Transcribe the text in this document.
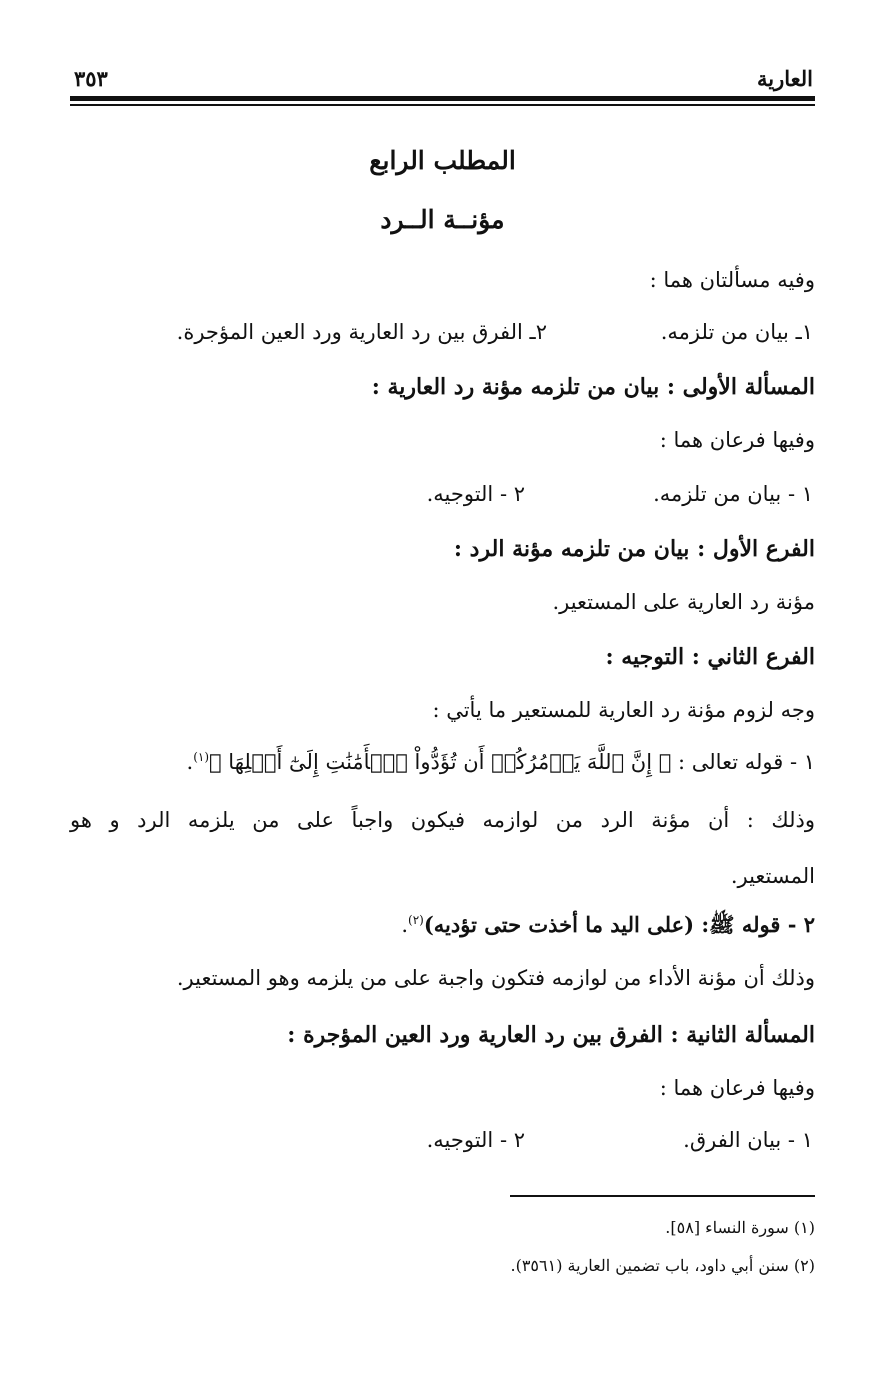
العارية
٣٥٣
المطلب الرابع
مؤنــة الــرد
وفيه مسألتان هما :
١ـ بيان من تلزمه.
٢ـ الفرق بين رد العارية ورد العين المؤجرة.
المسألة الأولى : بيان من تلزمه مؤنة رد العارية :
وفيها فرعان هما :
١ - بيان من تلزمه.
٢ - التوجيه.
الفرع الأول : بيان من تلزمه مؤنة الرد :
مؤنة رد العارية على المستعير.
الفرع الثاني : التوجيه :
وجه لزوم مؤنة رد العارية للمستعير ما يأتي :
١ - قوله تعالى : ﴿ إِنَّ ٱللَّهَ يَأۡمُرُكُمۡ أَن تُؤَدُّواْ ٱلۡأَمَٰنَٰتِ إِلَىٰٓ أَهۡلِهَا ﴾$^{(١)}$.
وذلك : أن مؤنة الرد من لوازمه فيكون واجباً على من يلزمه الرد و هو
المستعير.
٢ - قوله ﷺ: (على اليد ما أخذت حتى تؤديه)$^{(٢)}$.
وذلك أن مؤنة الأداء من لوازمه فتكون واجبة على من يلزمه وهو المستعير.
المسألة الثانية : الفرق بين رد العارية ورد العين المؤجرة :
وفيها فرعان هما :
١ - بيان الفرق.
٢ - التوجيه.
(١) سورة النساء [٥٨].
(٢) سنن أبي داود، باب تضمين العارية (٣٥٦١).
